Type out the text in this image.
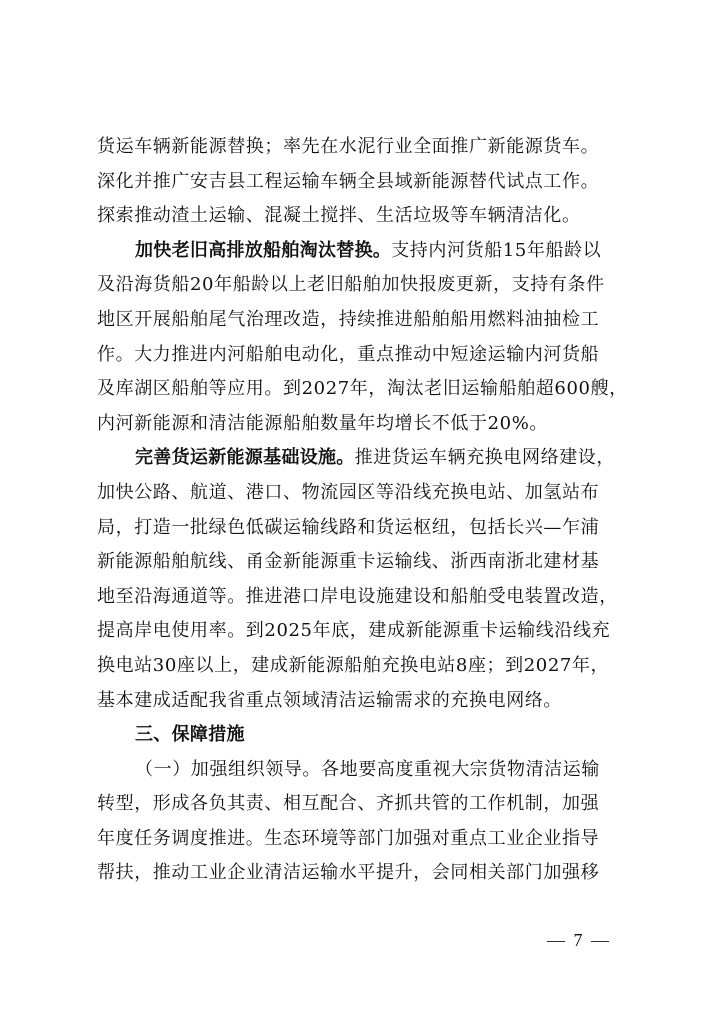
货运车辆新能源替换；率先在水泥行业全面推广新能源货车。
深化并推广安吉县工程运输车辆全县域新能源替代试点工作。
探索推动渣土运输、混凝土搅拌、生活垃圾等车辆清洁化。
加快老旧高排放船舶淘汰替换。支持内河货船15年船龄以
及沿海货船20年船龄以上老旧船舶加快报废更新，支持有条件
地区开展船舶尾气治理改造，持续推进船舶船用燃料油抽检工
作。大力推进内河船舶电动化，重点推动中短途运输内河货船
及库湖区船舶等应用。到2027年，淘汰老旧运输船舶超600艘，
内河新能源和清洁能源船舶数量年均增长不低于20%。
完善货运新能源基础设施。推进货运车辆充换电网络建设，
加快公路、航道、港口、物流园区等沿线充换电站、加氢站布
局，打造一批绿色低碳运输线路和货运枢纽，包括长兴—乍浦
新能源船舶航线、甬金新能源重卡运输线、浙西南浙北建材基
地至沿海通道等。推进港口岸电设施建设和船舶受电装置改造，
提高岸电使用率。到2025年底，建成新能源重卡运输线沿线充
换电站30座以上，建成新能源船舶充换电站8座；到2027年，
基本建成适配我省重点领域清洁运输需求的充换电网络。
三、保障措施
（一）加强组织领导。各地要高度重视大宗货物清洁运输
转型，形成各负其责、相互配合、齐抓共管的工作机制，加强
年度任务调度推进。生态环境等部门加强对重点工业企业指导
帮扶，推动工业企业清洁运输水平提升，会同相关部门加强移
— 7 —
